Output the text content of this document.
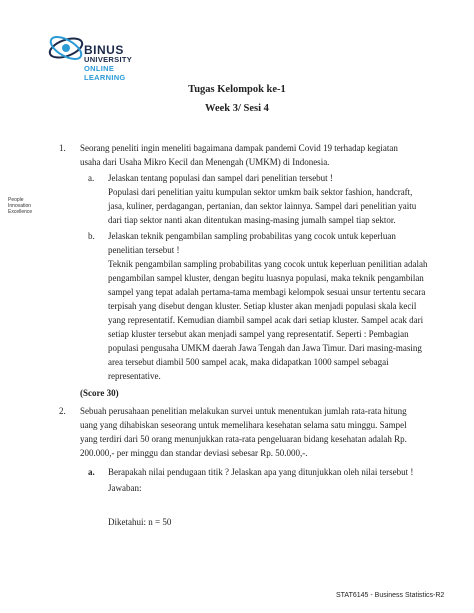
BINUS
UNIVERSITY
ONLINE
LEARNING
People
Innovation
Excellence
Tugas Kelompok ke-1
Week 3/ Sesi 4
1. Seorang peneliti ingin meneliti bagaimana dampak pandemi Covid 19 terhadap kegiatan
usaha dari Usaha Mikro Kecil dan Menengah (UMKM) di Indonesia.
a. Jelaskan tentang populasi dan sampel dari penelitian tersebut !
Populasi dari penelitian yaitu kumpulan sektor umkm baik sektor fashion, handcraft,
jasa, kuliner, perdagangan, pertanian, dan sektor lainnya. Sampel dari penelitian yaitu
dari tiap sektor nanti akan ditentukan masing-masing jumalh sampel tiap sektor.
b. Jelaskan teknik pengambilan sampling probabilitas yang cocok untuk keperluan
penelitian tersebut !
Teknik pengambilan sampling probabilitas yang cocok untuk keperluan penilitian adalah
pengambilan sampel kluster, dengan begitu luasnya populasi, maka teknik pengambilan
sampel yang tepat adalah pertama-tama membagi kelompok sesuai unsur tertentu secara
terpisah yang disebut dengan kluster. Setiap kluster akan menjadi populasi skala kecil
yang representatif. Kemudian diambil sampel acak dari setiap kluster. Sampel acak dari
setiap kluster tersebut akan menjadi sampel yang representatif. Seperti : Pembagian
populasi pengusaha UMKM daerah Jawa Tengah dan Jawa Timur. Dari masing-masing
area tersebut diambil 500 sampel acak, maka didapatkan 1000 sampel sebagai
representative.
(Score 30)
2. Sebuah perusahaan penelitian melakukan survei untuk menentukan jumlah rata-rata hitung
uang yang dihabiskan seseorang untuk memelihara kesehatan selama satu minggu. Sampel
yang terdiri dari 50 orang menunjukkan rata-rata pengeluaran bidang kesehatan adalah Rp.
200.000,- per minggu dan standar deviasi sebesar Rp. 50.000,-.
a. Berapakah nilai pendugaan titik ? Jelaskan apa yang ditunjukkan oleh nilai tersebut !
Jawaban:
Diketahui: n = 50
STAT6145 - Business Statistics-R2
